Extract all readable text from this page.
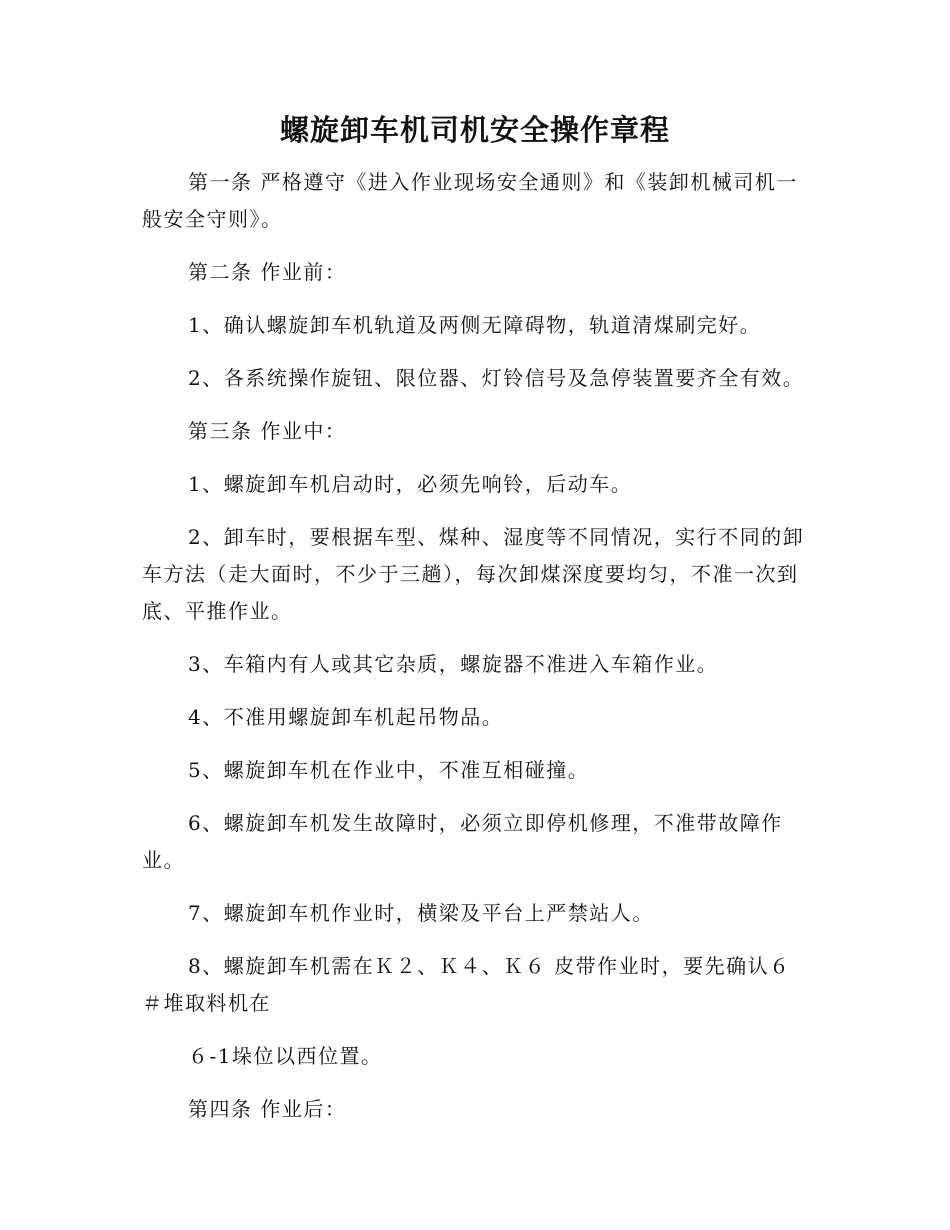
螺旋卸车机司机安全操作章程

第一条 严格遵守《进入作业现场安全通则》和《装卸机械司机一般安全守则》。

第二条 作业前：

1、确认螺旋卸车机轨道及两侧无障碍物，轨道清煤刷完好。

2、各系统操作旋钮、限位器、灯铃信号及急停装置要齐全有效。

第三条 作业中：

1、螺旋卸车机启动时，必须先响铃，后动车。

2、卸车时，要根据车型、煤种、湿度等不同情况，实行不同的卸车方法（走大面时，不少于三趟），每次卸煤深度要均匀，不准一次到底、平推作业。

3、车箱内有人或其它杂质，螺旋器不准进入车箱作业。

4、不准用螺旋卸车机起吊物品。

5、螺旋卸车机在作业中，不准互相碰撞。

6、螺旋卸车机发生故障时，必须立即停机修理，不准带故障作业。

7、螺旋卸车机作业时，横梁及平台上严禁站人。

8、螺旋卸车机需在Ｋ２、Ｋ４、Ｋ６ 皮带作业时，要先确认６＃堆取料机在

６-1垛位以西位置。

第四条 作业后：
